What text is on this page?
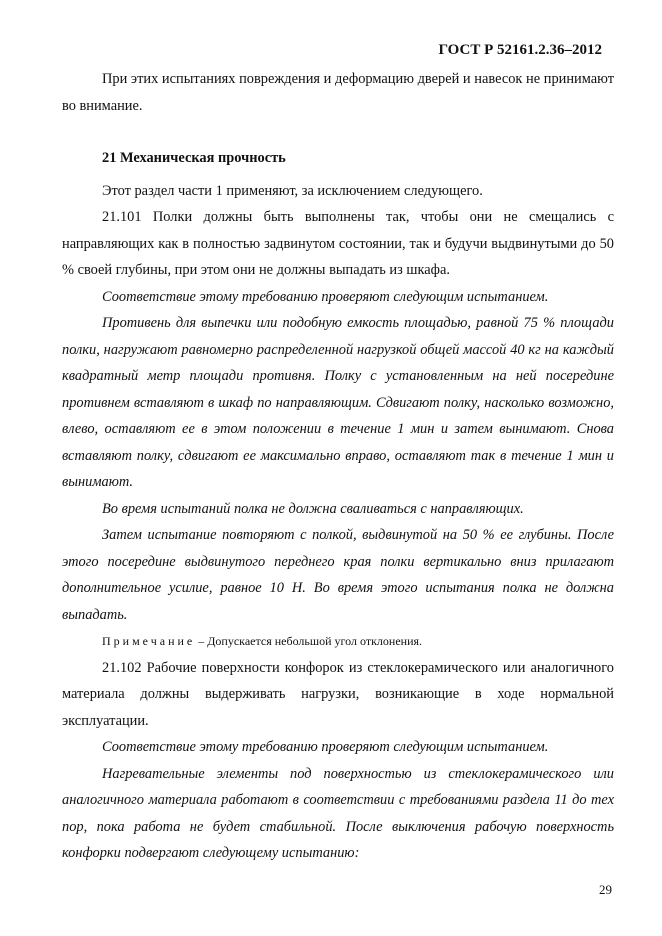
ГОСТ Р 52161.2.36–2012

При этих испытаниях повреждения и деформацию дверей и навесок не принимают во внимание.

21 Механическая прочность

Этот раздел части 1 применяют, за исключением следующего.

21.101 Полки должны быть выполнены так, чтобы они не смещались с направляющих как в полностью задвинутом состоянии, так и будучи выдвинутыми до 50 % своей глубины, при этом они не должны выпадать из шкафа.

Соответствие этому требованию проверяют следующим испытанием.

Противень для выпечки или подобную емкость площадью, равной 75 % площади полки, нагружают равномерно распределенной нагрузкой общей массой 40 кг на каждый квадратный метр площади противня. Полку с установленным на ней посередине противнем вставляют в шкаф по направляющим. Сдвигают полку, насколько возможно, влево, оставляют ее в этом положении в течение 1 мин и затем вынимают. Снова вставляют полку, сдвигают ее максимально вправо, оставляют так в течение 1 мин и вынимают.

Во время испытаний полка не должна сваливаться с направляющих.

Затем испытание повторяют с полкой, выдвинутой на 50 % ее глубины. После этого посередине выдвинутого переднего края полки вертикально вниз прилагают дополнительное усилие, равное 10 Н. Во время этого испытания полка не должна выпадать.

Примечание – Допускается небольшой угол отклонения.

21.102 Рабочие поверхности конфорок из стеклокерамического или аналогичного материала должны выдерживать нагрузки, возникающие в ходе нормальной эксплуатации.

Соответствие этому требованию проверяют следующим испытанием.

Нагревательные элементы под поверхностью из стеклокерамического или аналогичного материала работают в соответствии с требованиями раздела 11 до тех пор, пока работа не будет стабильной. После выключения рабочую поверхность конфорки подвергают следующему испытанию:

29
